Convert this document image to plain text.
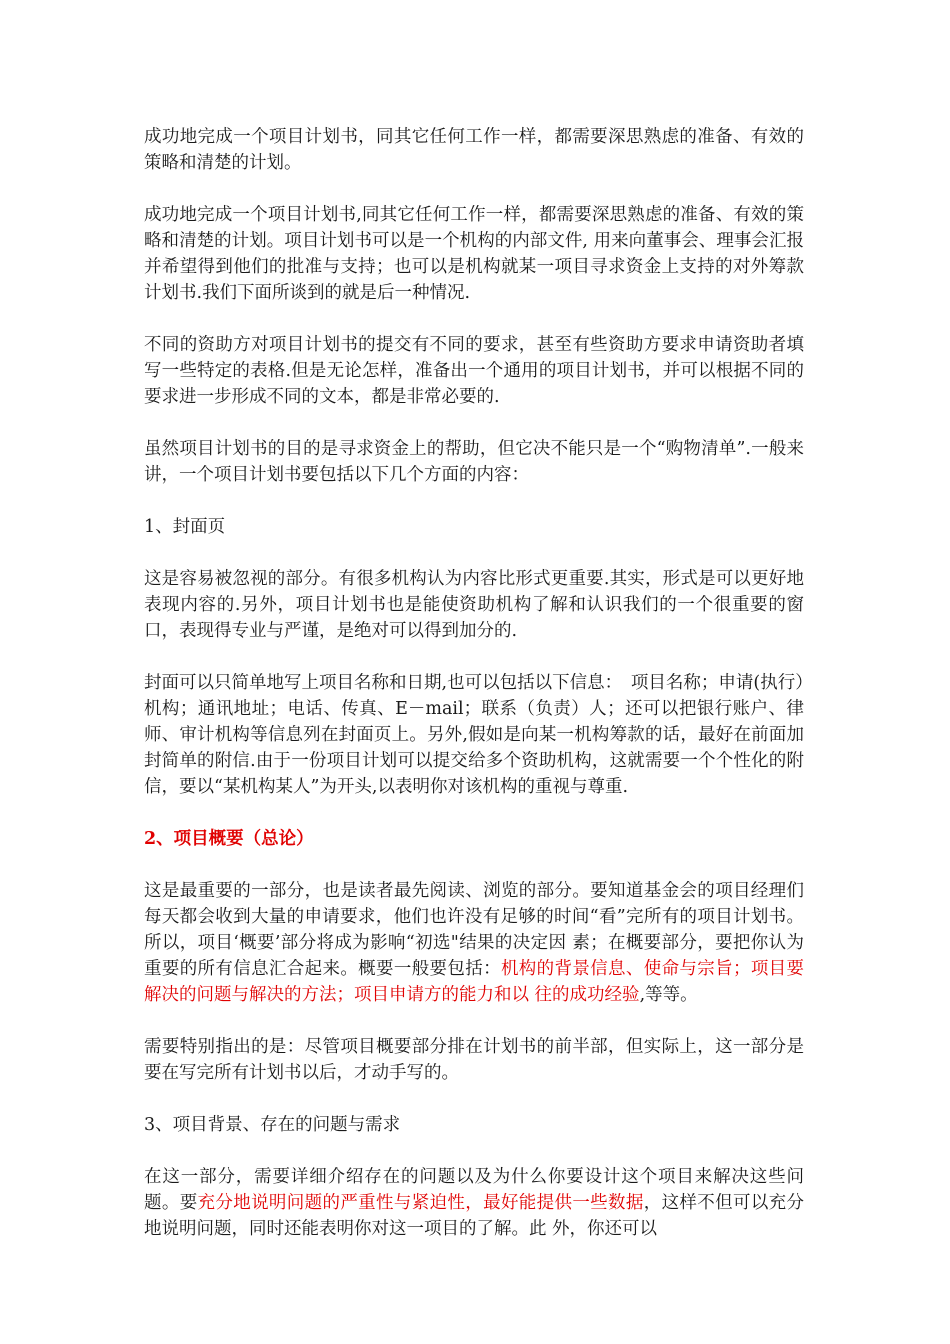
成功地完成一个项目计划书，同其它任何工作一样，都需要深思熟虑的准备、有效的策略和清楚的计划。

成功地完成一个项目计划书,同其它任何工作一样，都需要深思熟虑的准备、有效的策略和清楚的计划。项目计划书可以是一个机构的内部文件, 用来向董事会、理事会汇报并希望得到他们的批准与支持；也可以是机构就某一项目寻求资金上支持的对外筹款计划书.我们下面所谈到的就是后一种情况.

不同的资助方对项目计划书的提交有不同的要求，甚至有些资助方要求申请资助者填写一些特定的表格.但是无论怎样，准备出一个通用的项目计划书，并可以根据不同的要求进一步形成不同的文本，都是非常必要的.

虽然项目计划书的目的是寻求资金上的帮助，但它决不能只是一个“购物清单”.一般来讲，一个项目计划书要包括以下几个方面的内容：

1、封面页

这是容易被忽视的部分。有很多机构认为内容比形式更重要.其实，形式是可以更好地表现内容的.另外，项目计划书也是能使资助机构了解和认识我们的一个很重要的窗口，表现得专业与严谨，是绝对可以得到加分的.

封面可以只简单地写上项目名称和日期,也可以包括以下信息：　项目名称；申请(执行）机构；通讯地址；电话、传真、E－mail；联系（负责）人；还可以把银行账户、律师、审计机构等信息列在封面页上。另外,假如是向某一机构筹款的话，最好在前面加封简单的附信.由于一份项目计划可以提交给多个资助机构，这就需要一个个性化的附信，要以“某机构某人”为开头,以表明你对该机构的重视与尊重.

2、项目概要（总论）

这是最重要的一部分，也是读者最先阅读、浏览的部分。要知道基金会的项目经理们每天都会收到大量的申请要求，他们也许没有足够的时间“看”完所有的项目计划书。所以，项目‘概要’部分将成为影响“初选"结果的决定因 素；在概要部分，要把你认为重要的所有信息汇合起来。概要一般要包括：机构的背景信息、使命与宗旨；项目要解决的问题与解决的方法；项目申请方的能力和以 往的成功经验,等等。

需要特别指出的是：尽管项目概要部分排在计划书的前半部，但实际上，这一部分是要在写完所有计划书以后，才动手写的。

3、项目背景、存在的问题与需求

在这一部分，需要详细介绍存在的问题以及为什么你要设计这个项目来解决这些问题。要充分地说明问题的严重性与紧迫性，最好能提供一些数据，这样不但可以充分地说明问题，同时还能表明你对这一项目的了解。此 外，你还可以
